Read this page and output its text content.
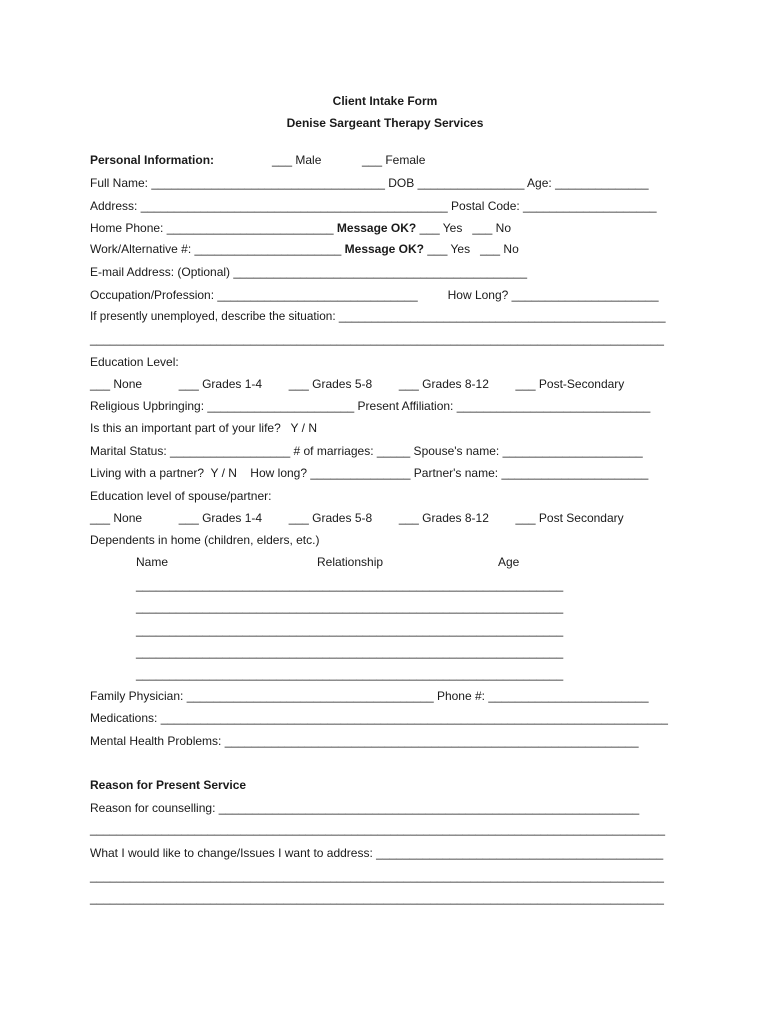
Client Intake Form
Denise Sargeant Therapy Services
Personal Information:	___ Male	___ Female
Full Name: ___________________________________ DOB ________________ Age: ______________
Address: ______________________________________________ Postal Code: ____________________
Home Phone: _________________________ Message OK? ___ Yes   ___ No
Work/Alternative #: ______________________ Message OK? ___ Yes   ___ No
E-mail Address: (Optional) ____________________________________________
Occupation/Profession: ______________________________         How Long? ______________________
If presently unemployed, describe the situation: __________________________________________________
______________________________________________________________________________________
Education Level:
___ None           ___ Grades 1-4        ___ Grades 5-8        ___ Grades 8-12        ___ Post-Secondary
Religious Upbringing: ______________________ Present Affiliation: _____________________________
Is this an important part of your life?   Y / N
Marital Status: __________________ # of marriages: _____ Spouse's name: _____________________
Living with a partner?  Y / N    How long? _______________ Partner's name: ______________________
Education level of spouse/partner:
___ None           ___ Grades 1-4        ___ Grades 5-8        ___ Grades 8-12        ___ Post Secondary
Dependents in home (children, elders, etc.)
Name	Relationship	Age
________________________________________________________________
________________________________________________________________
________________________________________________________________
________________________________________________________________
________________________________________________________________
Family Physician: _____________________________________ Phone #: ________________________
Medications: ____________________________________________________________________________
Mental Health Problems: ______________________________________________________________
Reason for Present Service
Reason for counselling: _______________________________________________________________
________________________________________________________________________________________
What I would like to change/Issues I want to address: ___________________________________________
______________________________________________________________________________________
______________________________________________________________________________________
